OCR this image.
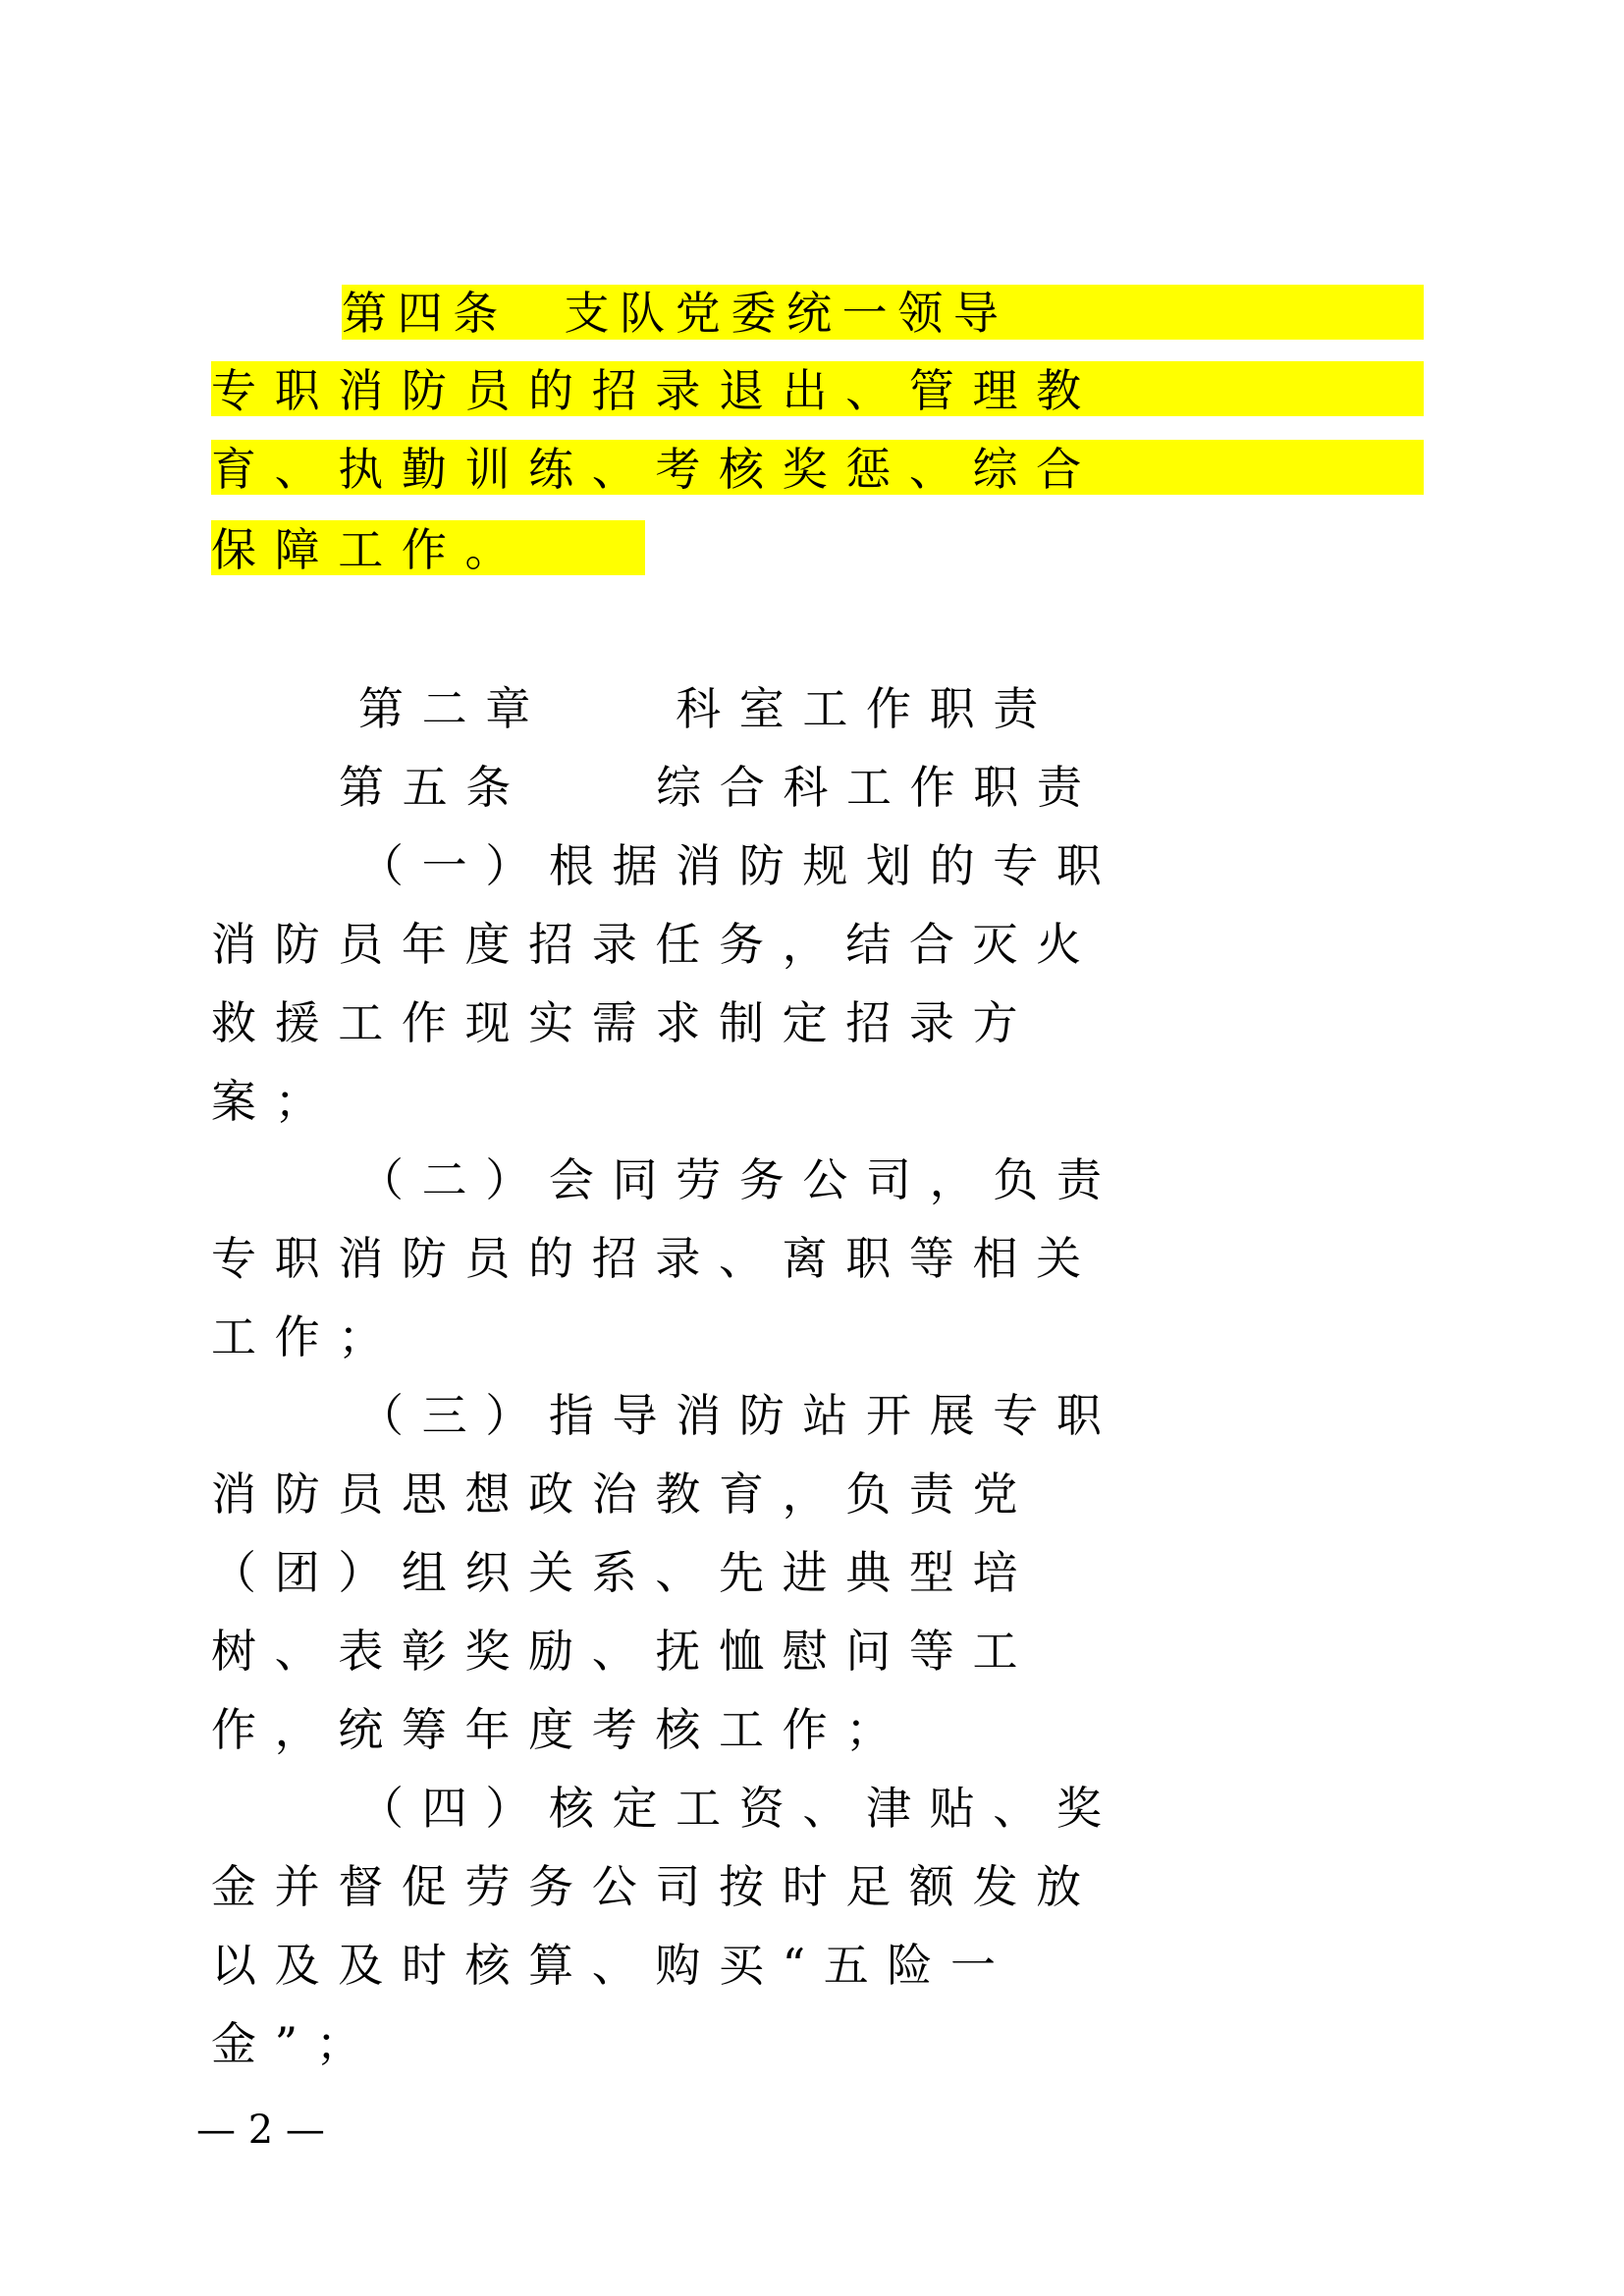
第 四 条 　 支 队 党 委 统 一 领 导
专 职 消 防 员 的 招 录 退 出 、 管 理 教
育 、 执 勤 训 练 、 考 核 奖 惩 、 综 合
保 障 工 作 。
第 二 章 　 　 科 室 工 作 职 责
第 五 条 　 　 综 合 科 工 作 职 责
（ 一 ） 根 据 消 防 规 划 的 专 职
消 防 员 年 度 招 录 任 务 ， 结 合 灭 火
救 援 工 作 现 实 需 求 制 定 招 录 方
案 ；
（ 二 ） 会 同 劳 务 公 司 ， 负 责
专 职 消 防 员 的 招 录 、 离 职 等 相 关
工 作 ；
（ 三 ） 指 导 消 防 站 开 展 专 职
消 防 员 思 想 政 治 教 育 ， 负 责 党
（ 团 ） 组 织 关 系 、 先 进 典 型 培
树 、 表 彰 奖 励 、 抚 恤 慰 问 等 工
作 ， 统 筹 年 度 考 核 工 作 ；
（ 四 ） 核 定 工 资 、 津 贴 、 奖
金 并 督 促 劳 务 公 司 按 时 足 额 发 放
以 及 及 时 核 算 、 购 买 “ 五 险 一
金 ” ；
— 2 —
